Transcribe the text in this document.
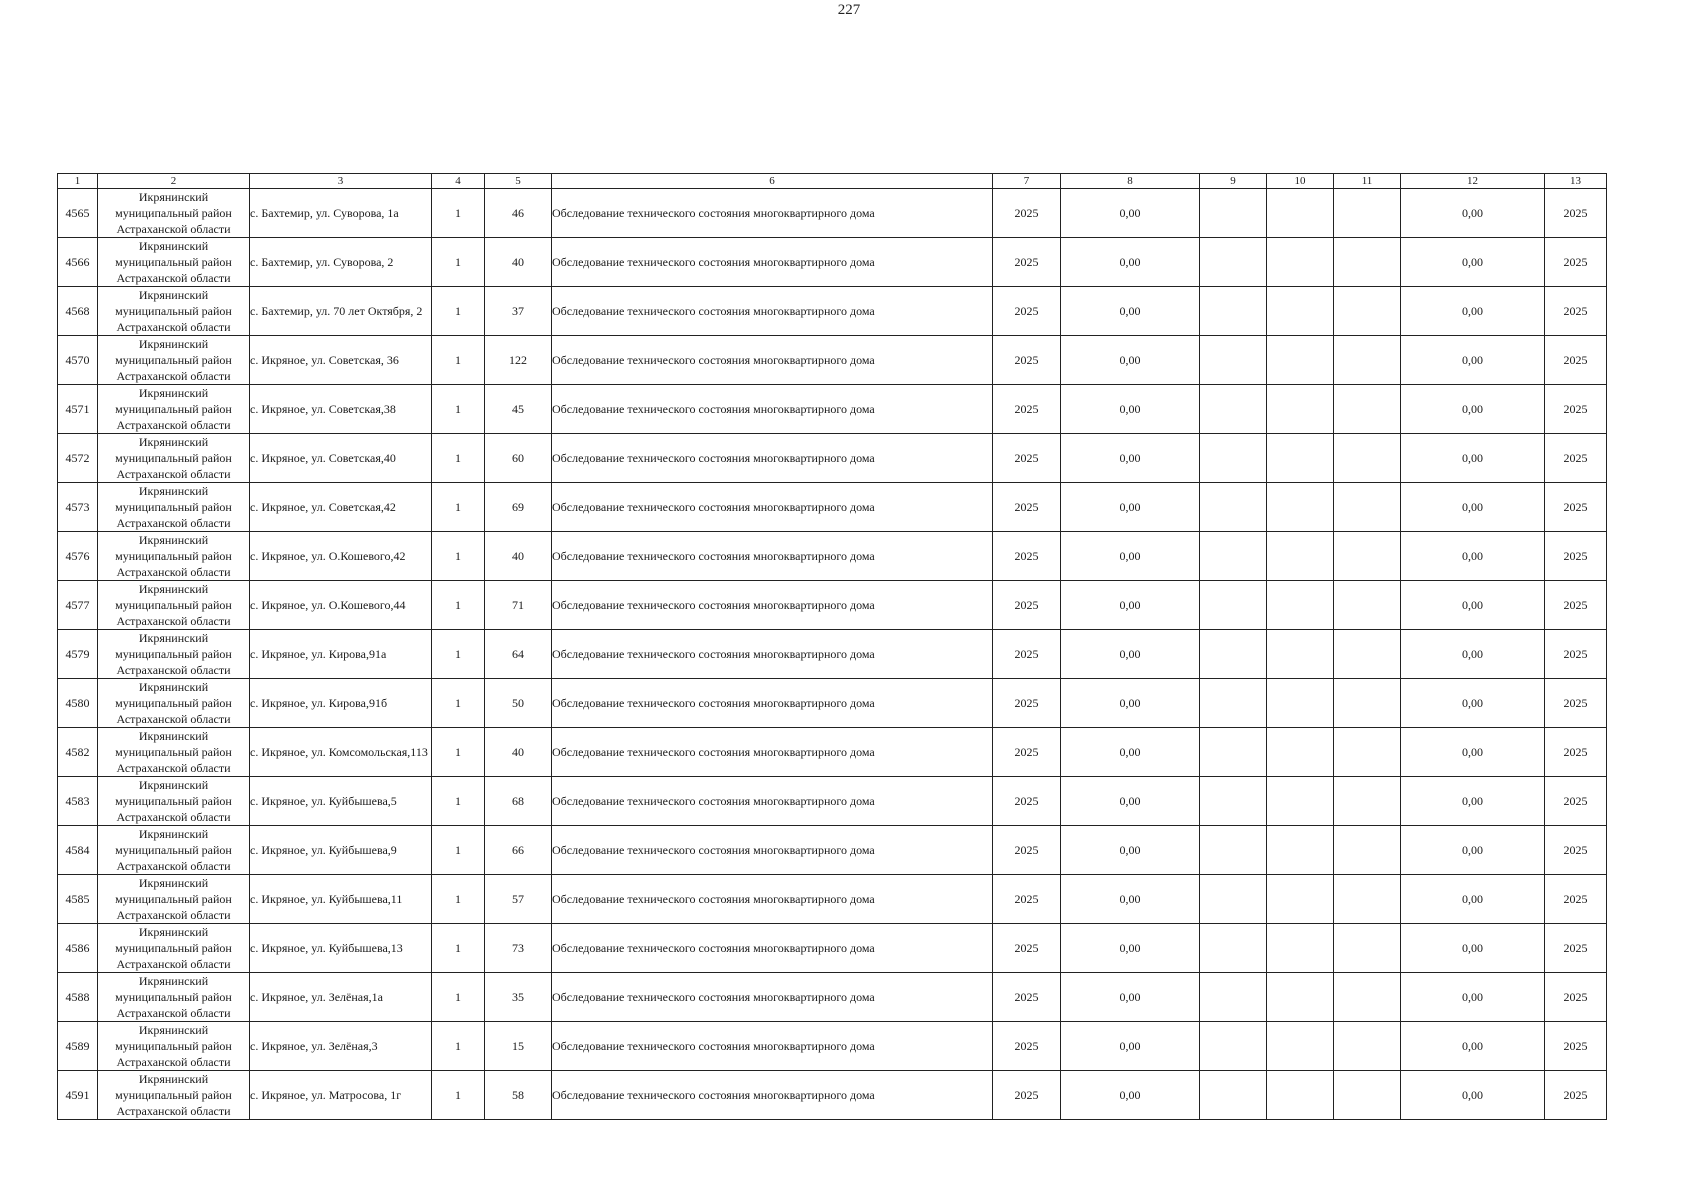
227
1	2	3	4	5	6	7	8	9	10	11	12	13
4565	Икрянинский
муниципальный район
Астраханской области	с. Бахтемир, ул. Суворова, 1а	1	46	Обследование технического состояния многоквартирного дома	2025	0,00				0,00	2025
4566	Икрянинский
муниципальный район
Астраханской области	с. Бахтемир, ул. Суворова, 2	1	40	Обследование технического состояния многоквартирного дома	2025	0,00				0,00	2025
4568	Икрянинский
муниципальный район
Астраханской области	с. Бахтемир, ул. 70 лет Октября, 2	1	37	Обследование технического состояния многоквартирного дома	2025	0,00				0,00	2025
4570	Икрянинский
муниципальный район
Астраханской области	с. Икряное, ул. Советская, 36	1	122	Обследование технического состояния многоквартирного дома	2025	0,00				0,00	2025
4571	Икрянинский
муниципальный район
Астраханской области	с. Икряное, ул. Советская,38	1	45	Обследование технического состояния многоквартирного дома	2025	0,00				0,00	2025
4572	Икрянинский
муниципальный район
Астраханской области	с. Икряное, ул. Советская,40	1	60	Обследование технического состояния многоквартирного дома	2025	0,00				0,00	2025
4573	Икрянинский
муниципальный район
Астраханской области	с. Икряное, ул. Советская,42	1	69	Обследование технического состояния многоквартирного дома	2025	0,00				0,00	2025
4576	Икрянинский
муниципальный район
Астраханской области	с. Икряное, ул. О.Кошевого,42	1	40	Обследование технического состояния многоквартирного дома	2025	0,00				0,00	2025
4577	Икрянинский
муниципальный район
Астраханской области	с. Икряное, ул. О.Кошевого,44	1	71	Обследование технического состояния многоквартирного дома	2025	0,00				0,00	2025
4579	Икрянинский
муниципальный район
Астраханской области	с. Икряное, ул. Кирова,91а	1	64	Обследование технического состояния многоквартирного дома	2025	0,00				0,00	2025
4580	Икрянинский
муниципальный район
Астраханской области	с. Икряное, ул. Кирова,91б	1	50	Обследование технического состояния многоквартирного дома	2025	0,00				0,00	2025
4582	Икрянинский
муниципальный район
Астраханской области	с. Икряное, ул. Комсомольская,113	1	40	Обследование технического состояния многоквартирного дома	2025	0,00				0,00	2025
4583	Икрянинский
муниципальный район
Астраханской области	с. Икряное, ул. Куйбышева,5	1	68	Обследование технического состояния многоквартирного дома	2025	0,00				0,00	2025
4584	Икрянинский
муниципальный район
Астраханской области	с. Икряное, ул. Куйбышева,9	1	66	Обследование технического состояния многоквартирного дома	2025	0,00				0,00	2025
4585	Икрянинский
муниципальный район
Астраханской области	с. Икряное, ул. Куйбышева,11	1	57	Обследование технического состояния многоквартирного дома	2025	0,00				0,00	2025
4586	Икрянинский
муниципальный район
Астраханской области	с. Икряное, ул. Куйбышева,13	1	73	Обследование технического состояния многоквартирного дома	2025	0,00				0,00	2025
4588	Икрянинский
муниципальный район
Астраханской области	с. Икряное, ул. Зелёная,1а	1	35	Обследование технического состояния многоквартирного дома	2025	0,00				0,00	2025
4589	Икрянинский
муниципальный район
Астраханской области	с. Икряное, ул. Зелёная,3	1	15	Обследование технического состояния многоквартирного дома	2025	0,00				0,00	2025
4591	Икрянинский
муниципальный район
Астраханской области	с. Икряное, ул. Матросова, 1г	1	58	Обследование технического состояния многоквартирного дома	2025	0,00				0,00	2025
